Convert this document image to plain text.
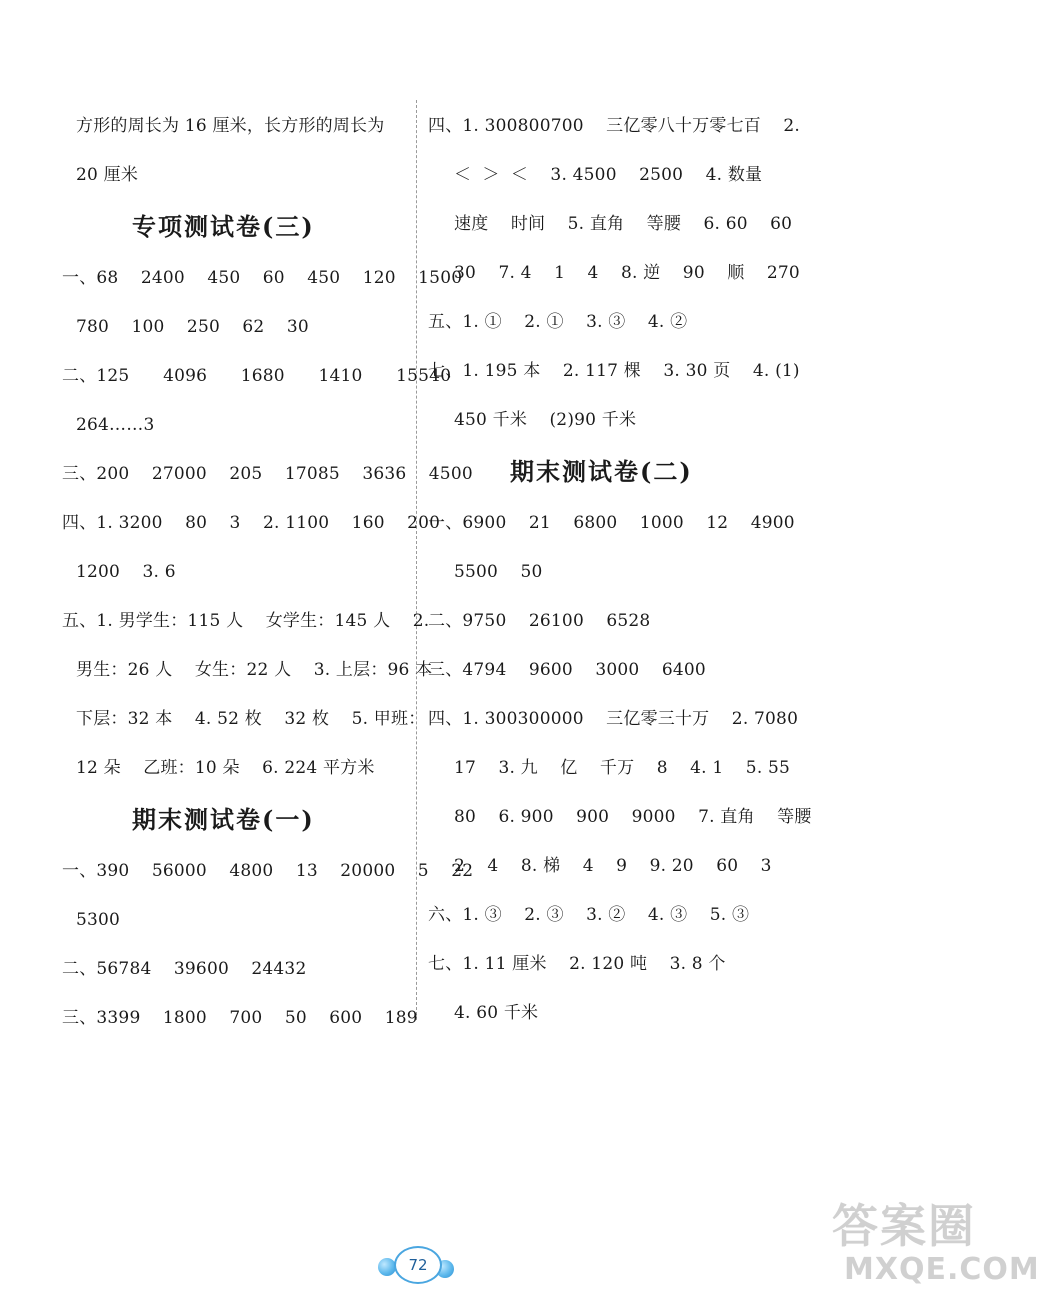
方形的周长为 16 厘米，长方形的周长为
20 厘米
专项测试卷(三)
一、68    2400    450    60    450    120    1500
780    100    250    62    30
二、125      4096      1680      1410      15540
264……3
三、200    27000    205    17085    3636    4500
四、1. 3200    80    3    2. 1100    160    200
1200    3. 6
五、1. 男学生：115 人    女学生：145 人    2.
男生：26 人    女生：22 人    3. 上层：96 本
下层：32 本    4. 52 枚    32 枚    5. 甲班：
12 朵    乙班：10 朵    6. 224 平方米
期末测试卷(一)
一、390    56000    4800    13    20000    5    22
5300
二、56784    39600    24432
三、3399    1800    700    50    600    189
四、1. 300800700    三亿零八十万零七百    2.
＜  ＞  ＜    3. 4500    2500    4. 数量
速度    时间    5. 直角    等腰    6. 60    60
30    7. 4    1    4    8. 逆    90    顺    270
五、1. ①    2. ①    3. ③    4. ②
七、1. 195 本    2. 117 棵    3. 30 页    4. (1)
450 千米    (2)90 千米
期末测试卷(二)
一、6900    21    6800    1000    12    4900
5500    50
二、9750    26100    6528
三、4794    9600    3000    6400
四、1. 300300000    三亿零三十万    2. 7080
17    3. 九    亿    千万    8    4. 1    5. 55
80    6. 900    900    9000    7. 直角    等腰
2    4    8. 梯    4    9    9. 20    60    3
六、1. ③    2. ③    3. ②    4. ③    5. ③
七、1. 11 厘米    2. 120 吨    3. 8 个
4. 60 千米
72
答案圈
MXQE.COM
